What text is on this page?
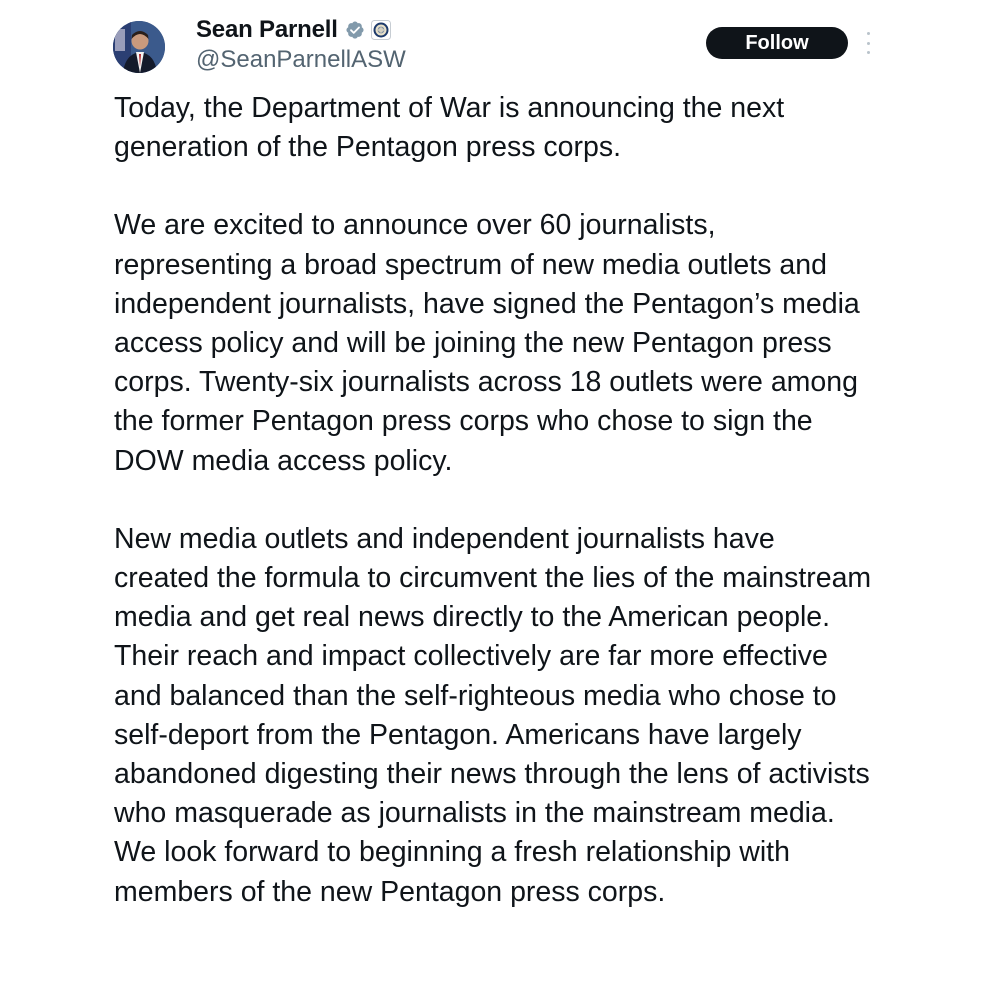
Sean Parnell
@SeanParnellASW
Follow

Today, the Department of War is announcing the next generation of the Pentagon press corps.

We are excited to announce over 60 journalists, representing a broad spectrum of new media outlets and independent journalists, have signed the Pentagon’s media access policy and will be joining the new Pentagon press corps. Twenty-six journalists across 18 outlets were among the former Pentagon press corps who chose to sign the DOW media access policy.

New media outlets and independent journalists have created the formula to circumvent the lies of the mainstream media and get real news directly to the American people. Their reach and impact collectively are far more effective and balanced than the self-righteous media who chose to self-deport from the Pentagon. Americans have largely abandoned digesting their news through the lens of activists who masquerade as journalists in the mainstream media. We look forward to beginning a fresh relationship with members of the new Pentagon press corps.
